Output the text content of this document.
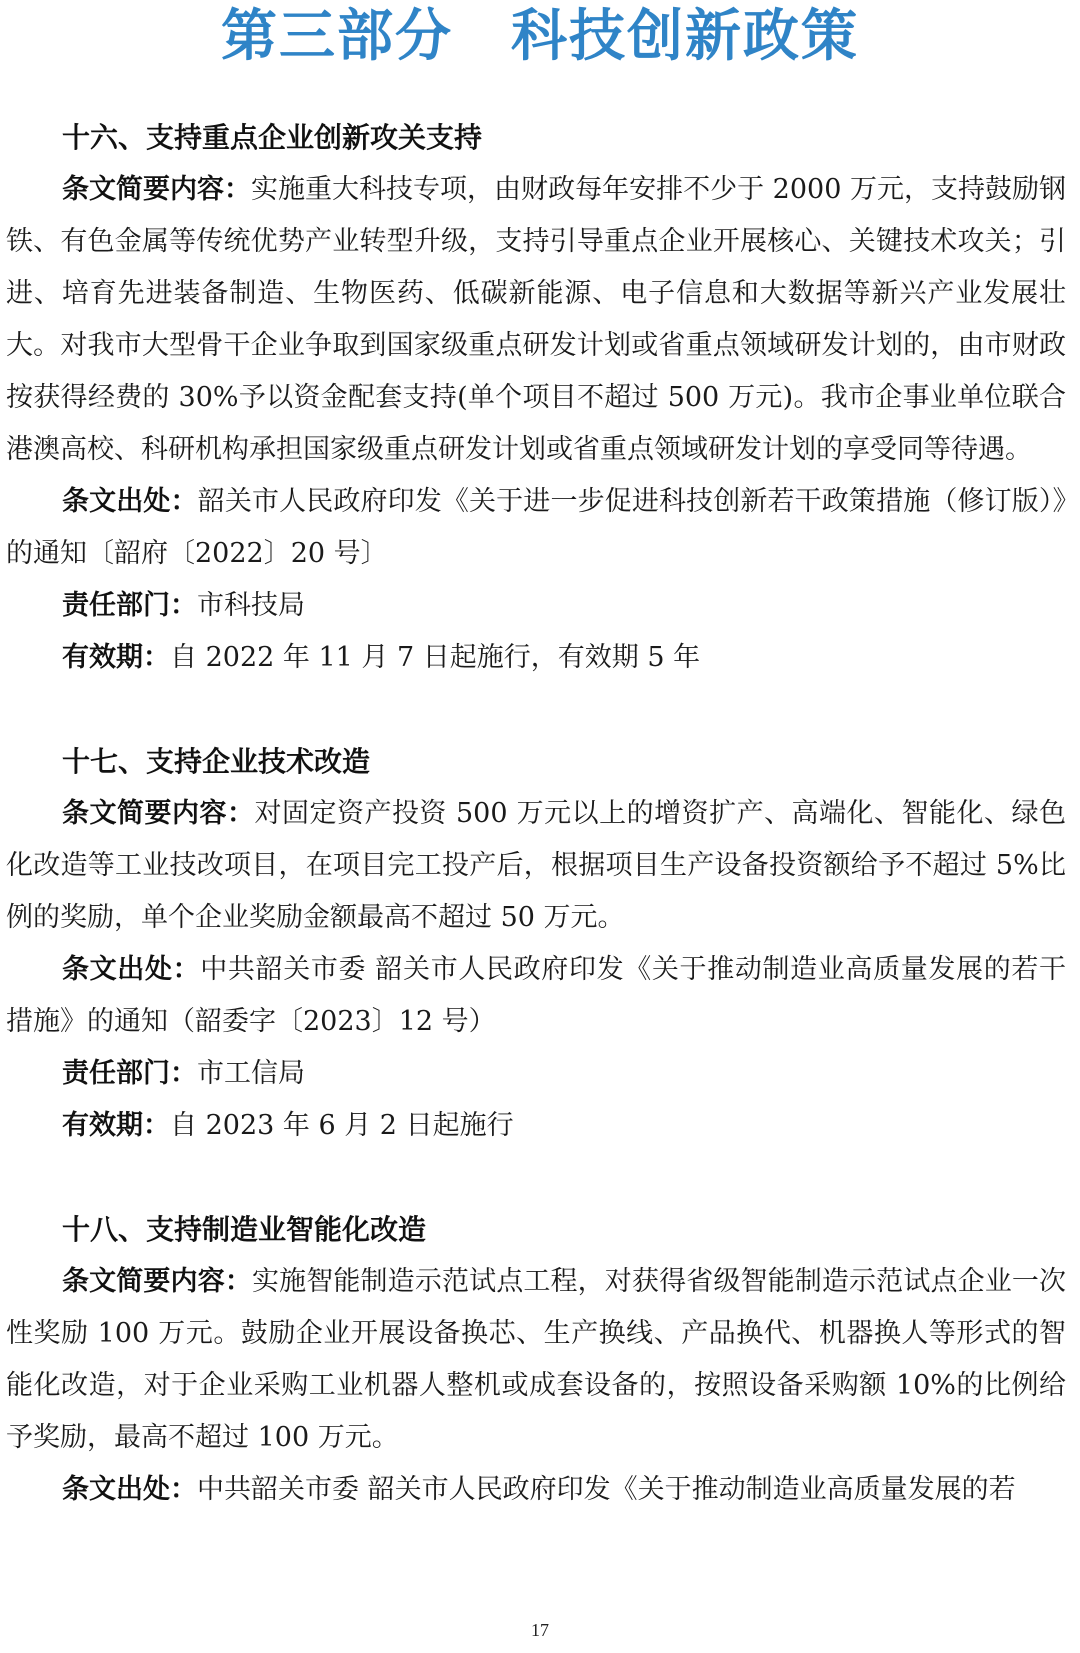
第三部分　科技创新政策
十六、支持重点企业创新攻关支持

条文简要内容：实施重大科技专项，由财政每年安排不少于 2000 万元，支持鼓励钢铁、有色金属等传统优势产业转型升级，支持引导重点企业开展核心、关键技术攻关；引进、培育先进装备制造、生物医药、低碳新能源、电子信息和大数据等新兴产业发展壮大。对我市大型骨干企业争取到国家级重点研发计划或省重点领域研发计划的，由市财政按获得经费的 30%予以资金配套支持(单个项目不超过 500 万元)。我市企事业单位联合港澳高校、科研机构承担国家级重点研发计划或省重点领域研发计划的享受同等待遇。

条文出处：韶关市人民政府印发《关于进一步促进科技创新若干政策措施（修订版）》的通知〔韶府〔2022〕20 号〕

责任部门：市科技局

有效期：自 2022 年 11 月 7 日起施行，有效期 5 年

十七、支持企业技术改造

条文简要内容：对固定资产投资 500 万元以上的增资扩产、高端化、智能化、绿色化改造等工业技改项目，在项目完工投产后，根据项目生产设备投资额给予不超过 5%比例的奖励，单个企业奖励金额最高不超过 50 万元。

条文出处：中共韶关市委 韶关市人民政府印发《关于推动制造业高质量发展的若干措施》的通知（韶委字〔2023〕12 号）

责任部门：市工信局

有效期：自 2023 年 6 月 2 日起施行

十八、支持制造业智能化改造

条文简要内容：实施智能制造示范试点工程，对获得省级智能制造示范试点企业一次性奖励 100 万元。鼓励企业开展设备换芯、生产换线、产品换代、机器换人等形式的智能化改造，对于企业采购工业机器人整机或成套设备的，按照设备采购额 10%的比例给予奖励，最高不超过 100 万元。

条文出处：中共韶关市委 韶关市人民政府印发《关于推动制造业高质量发展的若

17
